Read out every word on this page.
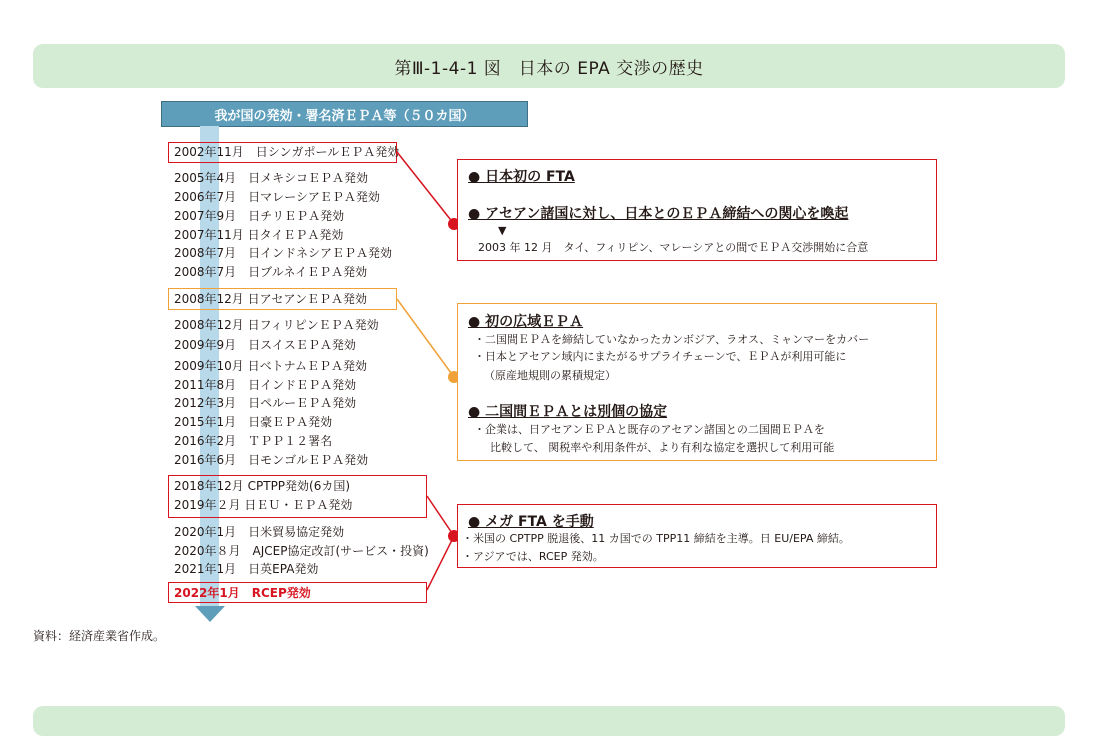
第Ⅲ-1-4-1 図　日本の EPA 交渉の歴史
我が国の発効・署名済ＥＰＡ等（５０カ国）
2002年11月　日シンガポールＥＰＡ発効
2005年4月　日メキシコＥＰＡ発効
2006年7月　日マレーシアＥＰＡ発効
2007年9月　日チリＥＰＡ発効
2007年11月 日タイＥＰＡ発効
2008年7月　日インドネシアＥＰＡ発効
2008年7月　日ブルネイＥＰＡ発効
2008年12月 日アセアンＥＰＡ発効
2008年12月 日フィリピンＥＰＡ発効
2009年9月　日スイスＥＰＡ発効
2009年10月 日ベトナムＥＰＡ発効
2011年8月　日インドＥＰＡ発効
2012年3月　日ペルーＥＰＡ発効
2015年1月　日豪ＥＰＡ発効
2016年2月　ＴＰＰ１２署名
2016年6月　日モンゴルＥＰＡ発効
2018年12月 CPTPP発効(6カ国)
2019年２月 日ＥＵ・ＥＰＡ発効
2020年1月　日米貿易協定発効
2020年８月　AJCEP協定改訂(サービス・投資)
2021年1月　日英EPA発効
2022年1月　RCEP発効
● 日本初の FTA
● アセアン諸国に対し、日本とのＥＰＡ締結への関心を喚起
▼
2003 年 12 月　タイ、フィリピン、マレーシアとの間でＥＰＡ交渉開始に合意
● 初の広域ＥＰＡ
・二国間ＥＰＡを締結していなかったカンボジア、ラオス、ミャンマーをカバー
・日本とアセアン域内にまたがるサプライチェーンで、ＥＰＡが利用可能に
（原産地規則の累積規定）
● 二国間ＥＰＡとは別個の協定
・企業は、日アセアンＥＰＡと既存のアセアン諸国との二国間ＥＰＡを
比較して、 関税率や利用条件が、より有利な協定を選択して利用可能
● メガ FTA を手動
・米国の CPTPP 脱退後、11 カ国での TPP11 締結を主導。日 EU/EPA 締結。
・アジアでは、RCEP 発効。
資料：経済産業省作成。
